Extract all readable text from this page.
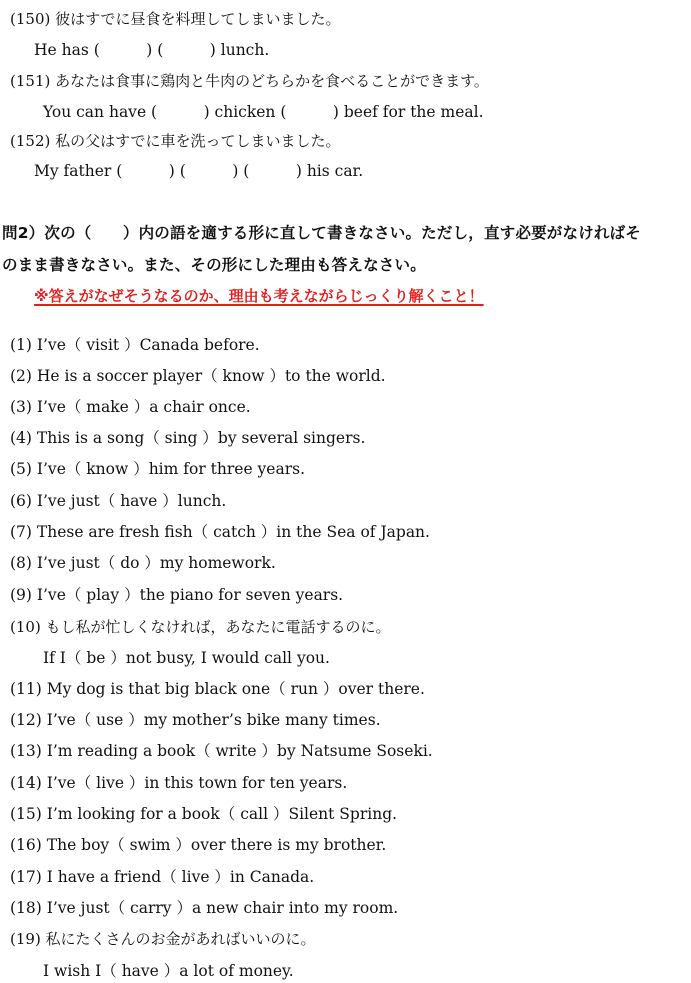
(150) 彼はすでに昼食を料理してしまいました。
He has (　　　) (　　　) lunch.
(151) あなたは食事に鶏肉と牛肉のどちらかを食べることができます。
You can have (　　　) chicken (　　　) beef for the meal.
(152) 私の父はすでに車を洗ってしまいました。
My father (　　　) (　　　) (　　　) his car.
問2）次の（　　）内の語を適する形に直して書きなさい。ただし，直す必要がなければそ
のまま書きなさい。また、その形にした理由も答えなさい。
※答えがなぜそうなるのか、理由も考えながらじっくり解くこと！
(1) I’ve（ visit ）Canada before.
(2) He is a soccer player（ know ）to the world.
(3) I’ve（ make ）a chair once.
(4) This is a song（ sing ）by several singers.
(5) I’ve（ know ）him for three years.
(6) I’ve just（ have ）lunch.
(7) These are fresh fish（ catch ）in the Sea of Japan.
(8) I’ve just（ do ）my homework.
(9) I’ve（ play ）the piano for seven years.
(10) もし私が忙しくなければ，あなたに電話するのに。
If I（ be ）not busy, I would call you.
(11) My dog is that big black one（ run ）over there.
(12) I’ve（ use ）my mother’s bike many times.
(13) I’m reading a book（ write ）by Natsume Soseki.
(14) I’ve（ live ）in this town for ten years.
(15) I’m looking for a book（ call ）Silent Spring.
(16) The boy（ swim ）over there is my brother.
(17) I have a friend（ live ）in Canada.
(18) I’ve just（ carry ）a new chair into my room.
(19) 私にたくさんのお金があればいいのに。
I wish I（ have ）a lot of money.
